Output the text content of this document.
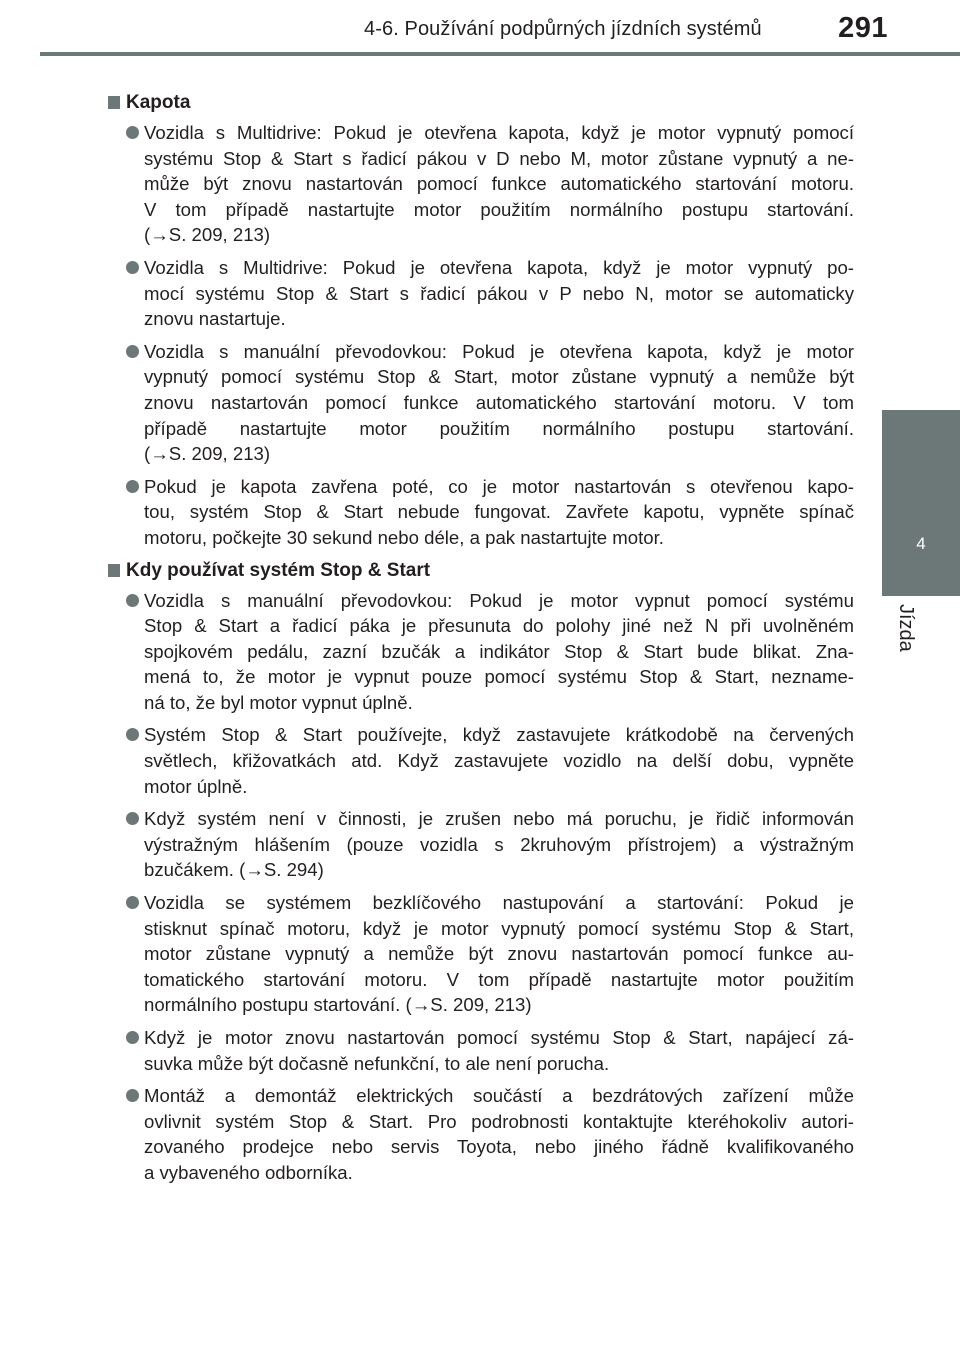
4-6. Používání podpůrných jízdních systémů	291
4
Jízda
Kapota
Vozidla s Multidrive: Pokud je otevřena kapota, když je motor vypnutý pomocí
systému Stop & Start s řadicí pákou v D nebo M, motor zůstane vypnutý a ne-
může být znovu nastartován pomocí funkce automatického startování motoru.
V tom případě nastartujte motor použitím normálního postupu startování.
(→S. 209, 213)
Vozidla s Multidrive: Pokud je otevřena kapota, když je motor vypnutý po-
mocí systému Stop & Start s řadicí pákou v P nebo N, motor se automaticky
znovu nastartuje.
Vozidla s manuální převodovkou: Pokud je otevřena kapota, když je motor
vypnutý pomocí systému Stop & Start, motor zůstane vypnutý a nemůže být
znovu nastartován pomocí funkce automatického startování motoru. V tom
případě nastartujte motor použitím normálního postupu startování.
(→S. 209, 213)
Pokud je kapota zavřena poté, co je motor nastartován s otevřenou kapo-
tou, systém Stop & Start nebude fungovat. Zavřete kapotu, vypněte spínač
motoru, počkejte 30 sekund nebo déle, a pak nastartujte motor.
Kdy používat systém Stop & Start
Vozidla s manuální převodovkou: Pokud je motor vypnut pomocí systému
Stop & Start a řadicí páka je přesunuta do polohy jiné než N při uvolněném
spojkovém pedálu, zazní bzučák a indikátor Stop & Start bude blikat. Zna-
mená to, že motor je vypnut pouze pomocí systému Stop & Start, nezname-
ná to, že byl motor vypnut úplně.
Systém Stop & Start používejte, když zastavujete krátkodobě na červených
světlech, křižovatkách atd. Když zastavujete vozidlo na delší dobu, vypněte
motor úplně.
Když systém není v činnosti, je zrušen nebo má poruchu, je řidič informován
výstražným hlášením (pouze vozidla s 2kruhovým přístrojem) a výstražným
bzučákem. (→S. 294)
Vozidla se systémem bezklíčového nastupování a startování: Pokud je
stisknut spínač motoru, když je motor vypnutý pomocí systému Stop & Start,
motor zůstane vypnutý a nemůže být znovu nastartován pomocí funkce au-
tomatického startování motoru. V tom případě nastartujte motor použitím
normálního postupu startování. (→S. 209, 213)
Když je motor znovu nastartován pomocí systému Stop & Start, napájecí zá-
suvka může být dočasně nefunkční, to ale není porucha.
Montáž a demontáž elektrických součástí a bezdrátových zařízení může
ovlivnit systém Stop & Start. Pro podrobnosti kontaktujte kteréhokoliv autori-
zovaného prodejce nebo servis Toyota, nebo jiného řádně kvalifikovaného
a vybaveného odborníka.
